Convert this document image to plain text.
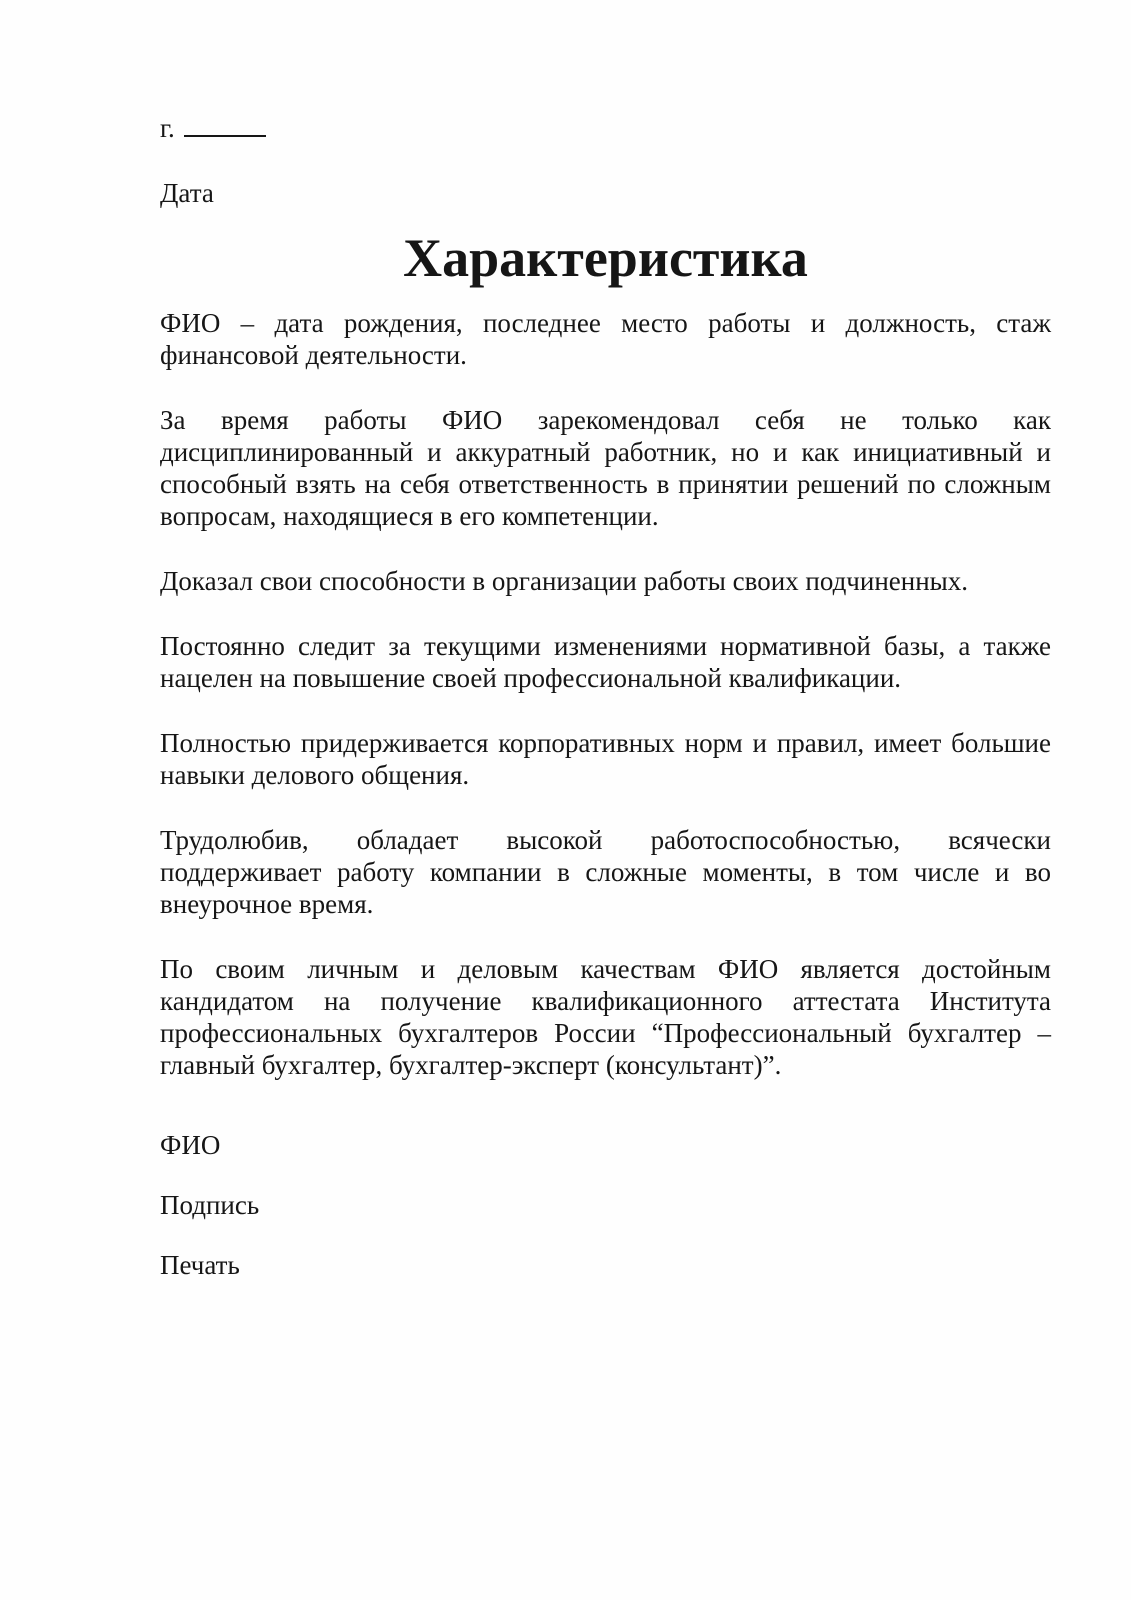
г.

Дата

Характеристика

ФИО – дата рождения, последнее место работы и должность, стаж финансовой деятельности.

За время работы ФИО зарекомендовал себя не только как дисциплинированный и аккуратный работник, но и как инициативный и способный взять на себя ответственность в принятии решений по сложным вопросам, находящиеся в его компетенции.

Доказал свои способности в организации работы своих подчиненных.

Постоянно следит за текущими изменениями нормативной базы, а также нацелен на повышение своей профессиональной квалификации.

Полностью придерживается корпоративных норм и правил, имеет большие навыки делового общения.

Трудолюбив, обладает высокой работоспособностью, всячески поддерживает работу компании в сложные моменты, в том числе и во внеурочное время.

По своим личным и деловым качествам ФИО является достойным кандидатом на получение квалификационного аттестата Института профессиональных бухгалтеров России “Профессиональный бухгалтер – главный бухгалтер, бухгалтер-эксперт (консультант)”.

ФИО

Подпись

Печать
